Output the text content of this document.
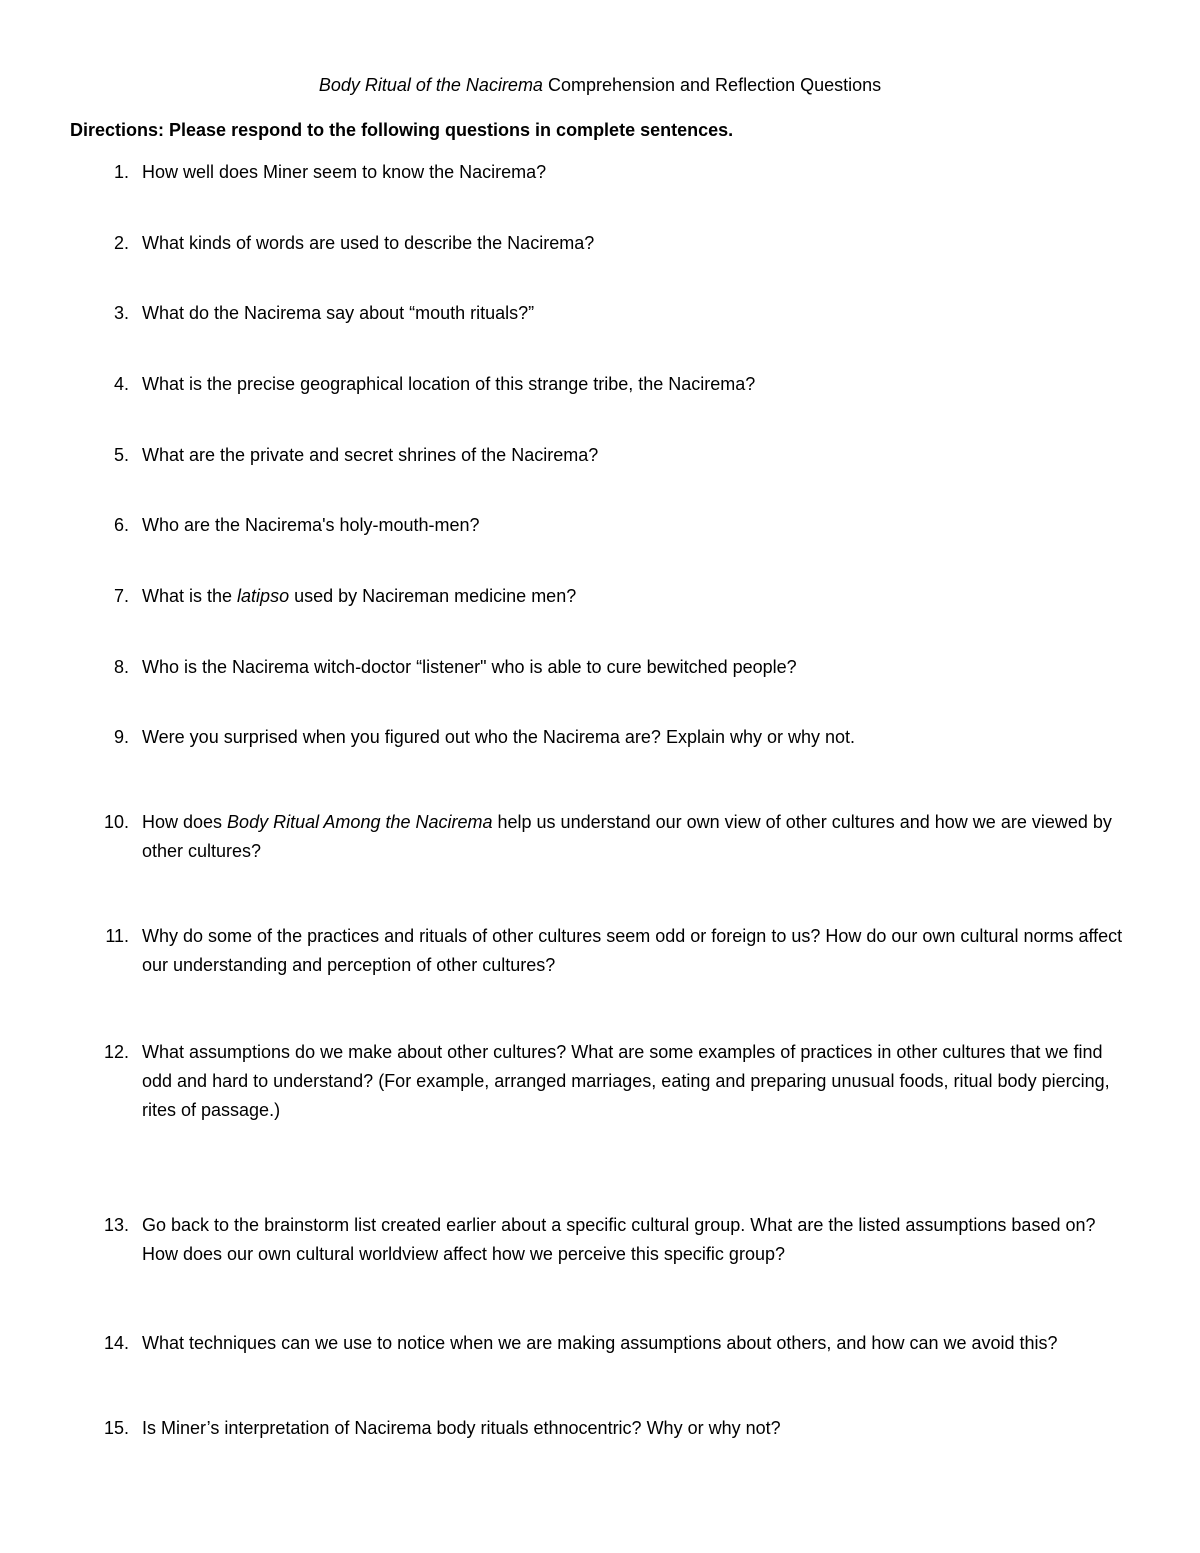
Body Ritual of the Nacirema Comprehension and Reflection Questions
Directions: Please respond to the following questions in complete sentences.
1. How well does Miner seem to know the Nacirema?
2. What kinds of words are used to describe the Nacirema?
3. What do the Nacirema say about “mouth rituals?”
4. What is the precise geographical location of this strange tribe, the Nacirema?
5. What are the private and secret shrines of the Nacirema?
6. Who are the Nacirema's holy-mouth-men?
7. What is the latipso used by Nacireman medicine men?
8. Who is the Nacirema witch-doctor “listener" who is able to cure bewitched people?
9. Were you surprised when you figured out who the Nacirema are? Explain why or why not.
10. How does Body Ritual Among the Nacirema help us understand our own view of other cultures and how we are viewed by other cultures?
11. Why do some of the practices and rituals of other cultures seem odd or foreign to us? How do our own cultural norms affect our understanding and perception of other cultures?
12. What assumptions do we make about other cultures? What are some examples of practices in other cultures that we find odd and hard to understand? (For example, arranged marriages, eating and preparing unusual foods, ritual body piercing, rites of passage.)
13. Go back to the brainstorm list created earlier about a specific cultural group. What are the listed assumptions based on? How does our own cultural worldview affect how we perceive this specific group?
14. What techniques can we use to notice when we are making assumptions about others, and how can we avoid this?
15. Is Miner’s interpretation of Nacirema body rituals ethnocentric? Why or why not?
